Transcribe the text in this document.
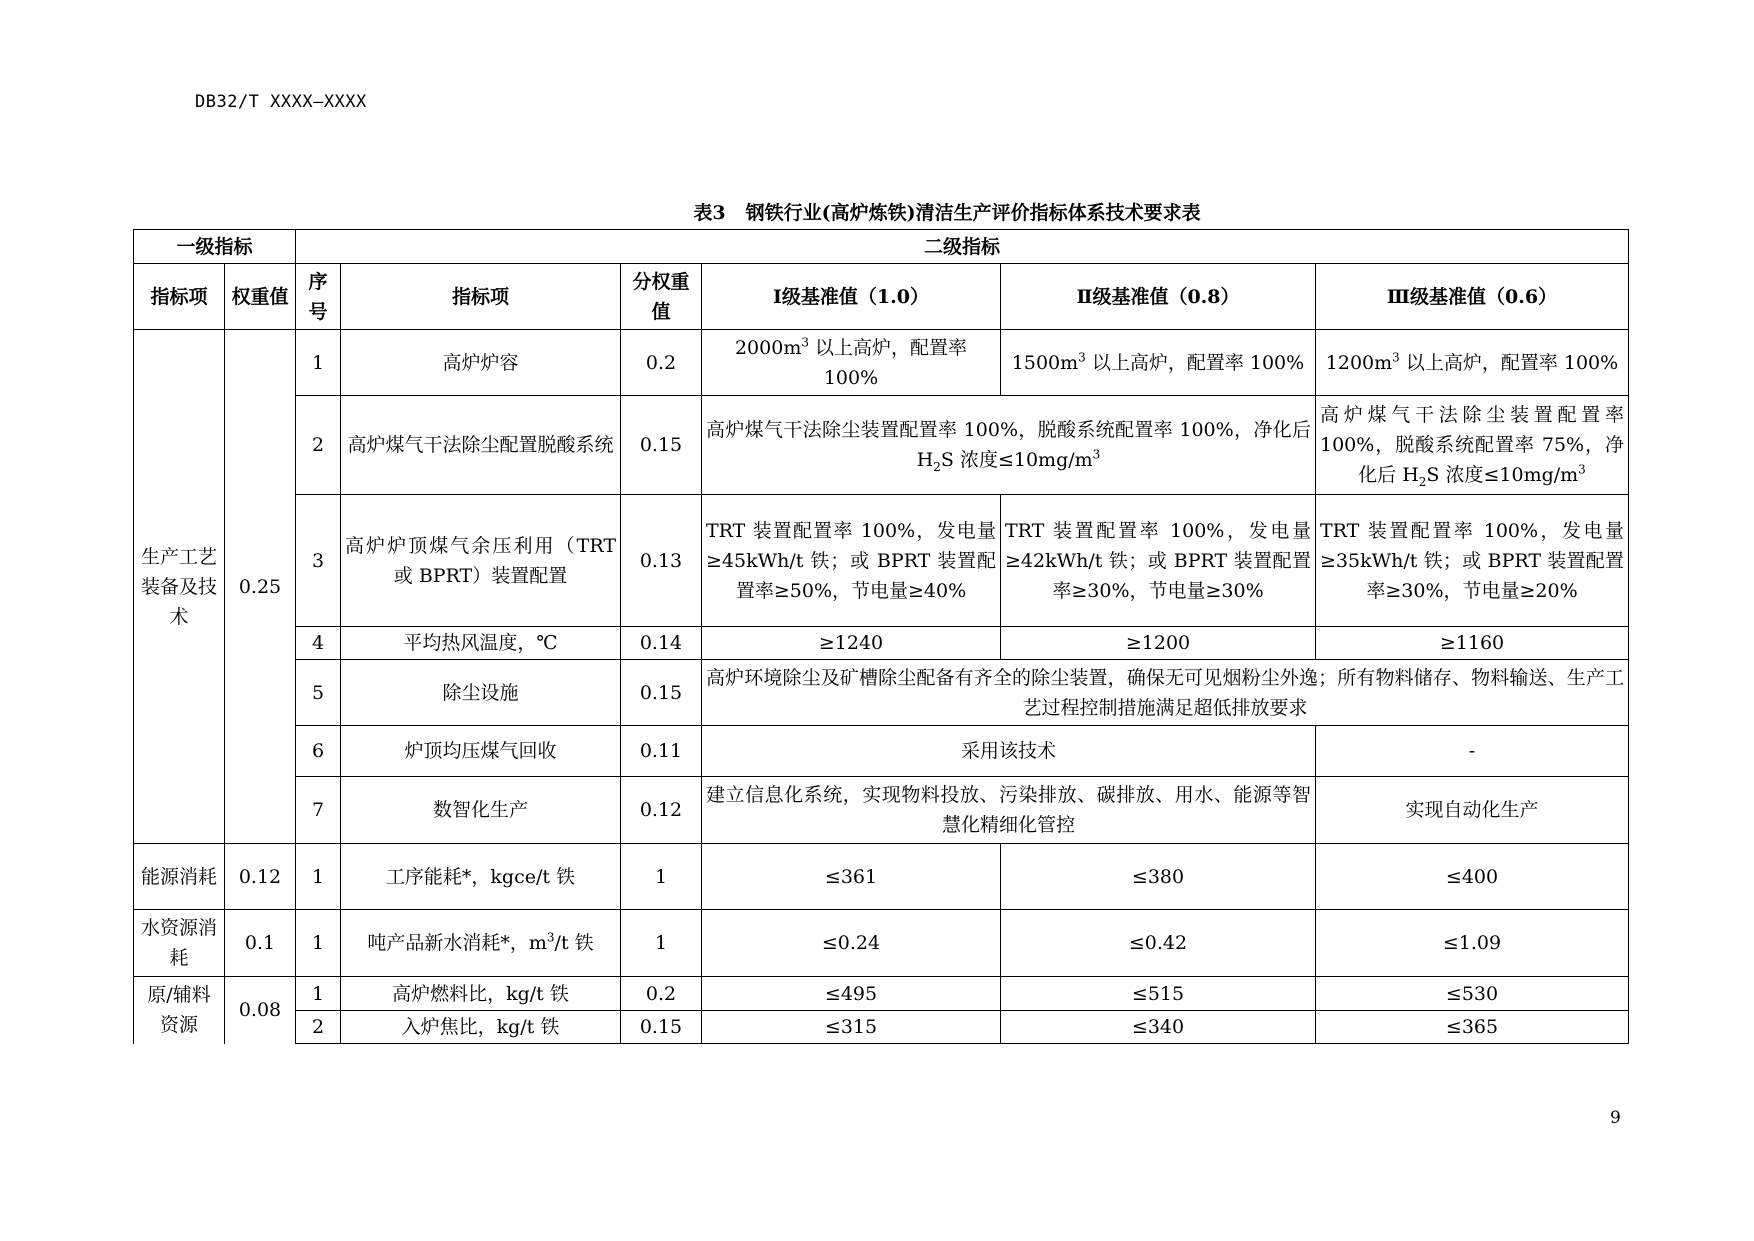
DB32/T XXXX—XXXX
表3 钢铁行业(高炉炼铁)清洁生产评价指标体系技术要求表
一级指标		二级指标					
指标项	权重值	序号	指标项	分权重值	Ⅰ级基准值（1.0）	Ⅱ级基准值（0.8）	Ⅲ级基准值（0.6）
生产工艺装备及技术	0.25	1	高炉炉容	0.2	$2000m^3$ 以上高炉，配置率 100%	$1500m^3$ 以上高炉，配置率 100%	$1200m^3$ 以上高炉，配置率 100%
		2	高炉煤气干法除尘配置脱酸系统	0.15	高炉煤气干法除尘装置配置率 100%，脱酸系统配置率 100%，净化后 $H_2S$ 浓度$\le 10mg/m^3$		高炉煤气干法除尘装置配置率 100%，脱酸系统配置率 75%，净化后 $H_2S$ 浓度$\le 10mg/m^3$
		3	高炉炉顶煤气余压利用（TRT 或 BPRT）装置配置	0.13	TRT 装置配置率 100%，发电量≥45kWh/t 铁；或 BPRT 装置配置率≥50%，节电量≥40%	TRT 装置配置率 100%，发电量≥42kWh/t 铁；或 BPRT 装置配置率≥30%，节电量≥30%	TRT 装置配置率 100%，发电量≥35kWh/t 铁；或 BPRT 装置配置率≥30%，节电量≥20%
		4	平均热风温度，℃	0.14	≥1240	≥1200	≥1160
		5	除尘设施	0.15	高炉环境除尘及矿槽除尘配备有齐全的除尘装置，确保无可见烟粉尘外逸；所有物料储存、物料输送、生产工艺过程控制措施满足超低排放要求		
		6	炉顶均压煤气回收	0.11	采用该技术		-
		7	数智化生产	0.12	建立信息化系统，实现物料投放、污染排放、碳排放、用水、能源等智慧化精细化管控		实现自动化生产
能源消耗	0.12	1	工序能耗*，kgce/t 铁	1	≤361	≤380	≤400
水资源消耗	0.1	1	吨产品新水消耗*，$m^3/t$ 铁	1	≤0.24	≤0.42	≤1.09
原/辅料资源	0.08	1	高炉燃料比，kg/t 铁	0.2	≤495	≤515	≤530
		2	入炉焦比，kg/t 铁	0.15	≤315	≤340	≤365
9
